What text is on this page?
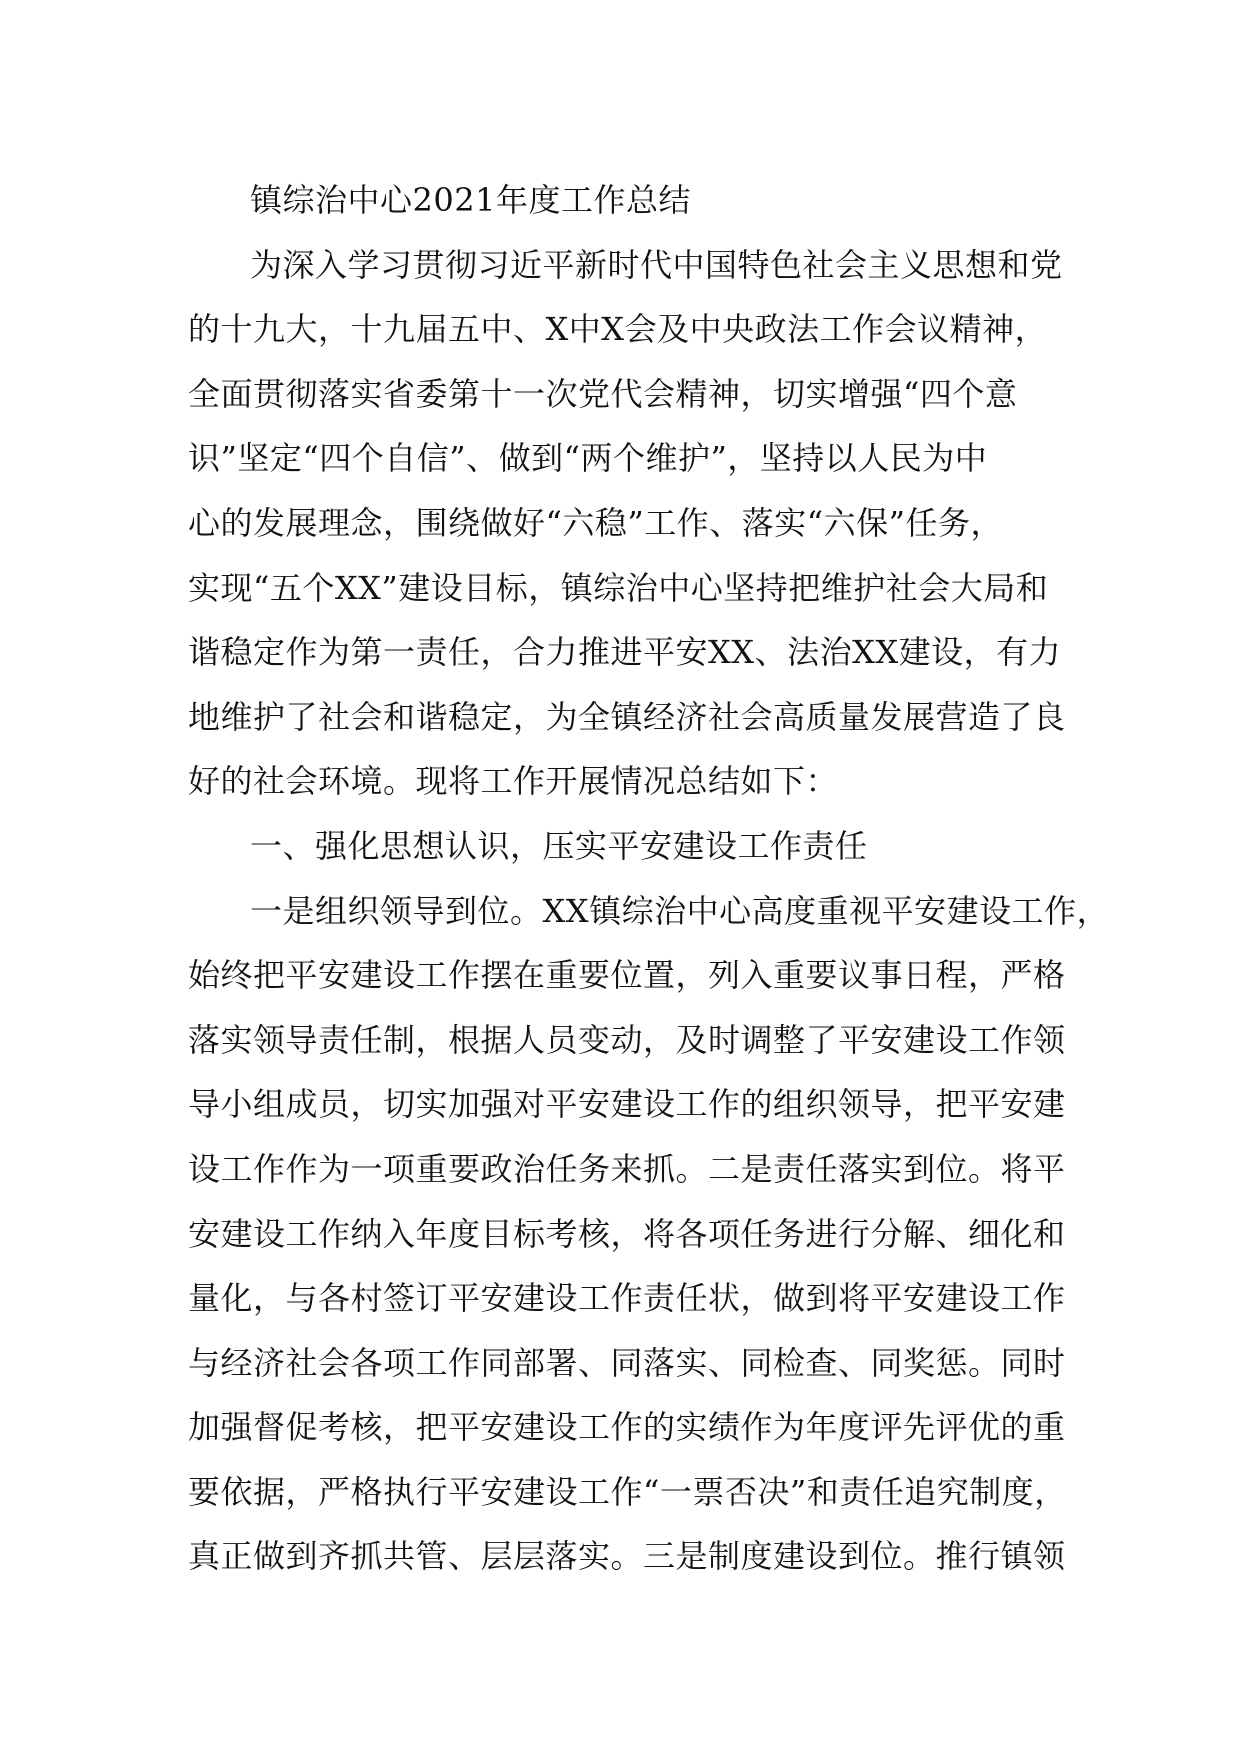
镇综治中心2021年度工作总结
为深入学习贯彻习近平新时代中国特色社会主义思想和党
的十九大，十九届五中、X中X会及中央政法工作会议精神，
全面贯彻落实省委第十一次党代会精神，切实增强“四个意
识”坚定“四个自信”、做到“两个维护”，坚持以人民为中
心的发展理念，围绕做好“六稳”工作、落实“六保”任务，
实现“五个XX”建设目标，镇综治中心坚持把维护社会大局和
谐稳定作为第一责任，合力推进平安XX、法治XX建设，有力
地维护了社会和谐稳定，为全镇经济社会高质量发展营造了良
好的社会环境。现将工作开展情况总结如下：
一、强化思想认识，压实平安建设工作责任
一是组织领导到位。XX镇综治中心高度重视平安建设工作，
始终把平安建设工作摆在重要位置，列入重要议事日程，严格
落实领导责任制，根据人员变动，及时调整了平安建设工作领
导小组成员，切实加强对平安建设工作的组织领导，把平安建
设工作作为一项重要政治任务来抓。二是责任落实到位。将平
安建设工作纳入年度目标考核，将各项任务进行分解、细化和
量化，与各村签订平安建设工作责任状，做到将平安建设工作
与经济社会各项工作同部署、同落实、同检查、同奖惩。同时
加强督促考核，把平安建设工作的实绩作为年度评先评优的重
要依据，严格执行平安建设工作“一票否决”和责任追究制度，
真正做到齐抓共管、层层落实。三是制度建设到位。推行镇领
